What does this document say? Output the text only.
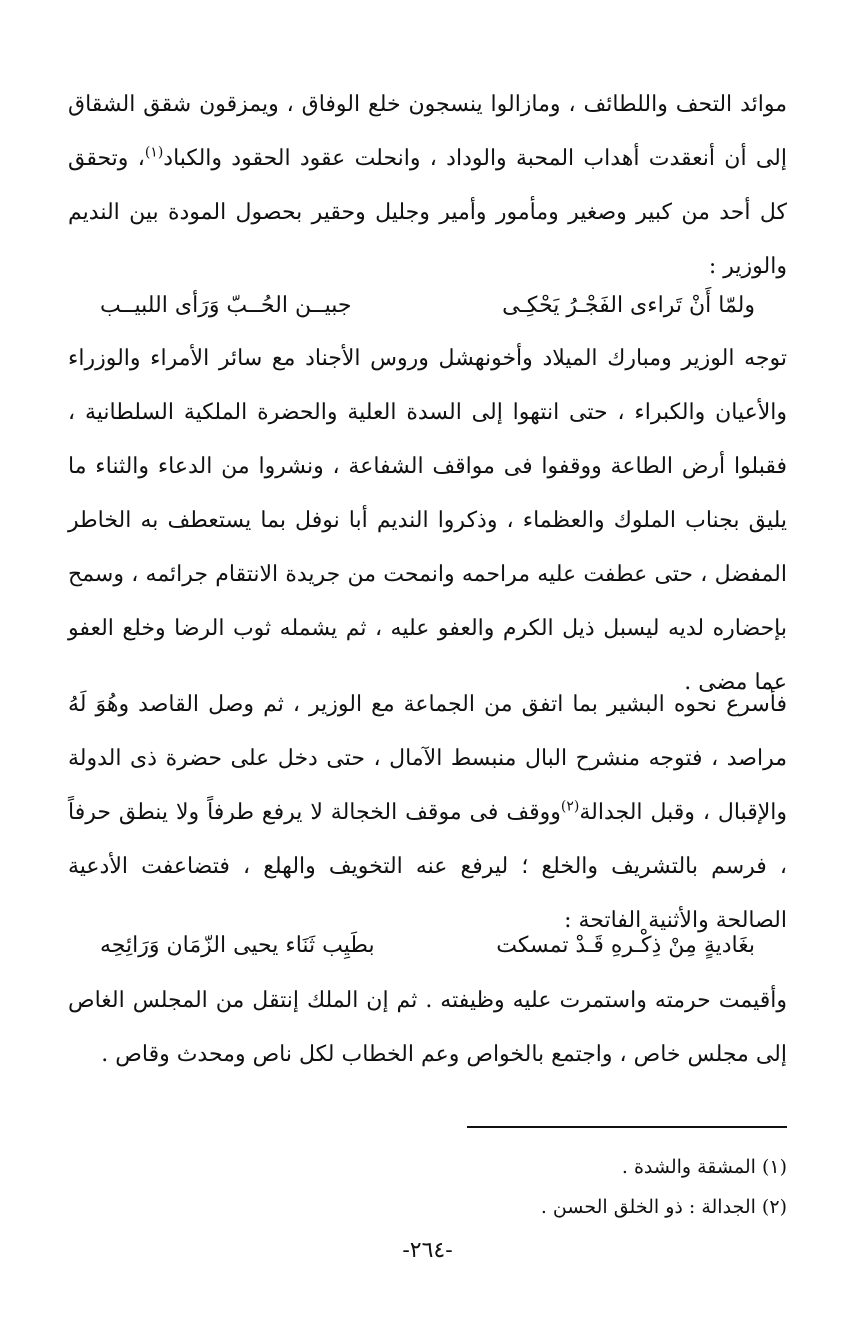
موائد التحف واللطائف ، ومازالوا ينسجون خلع الوفاق ، ويمزقون شقق الشقاق إلى أن أنعقدت أهداب المحبة والوداد ، وانحلت عقود الحقود والكباد$^{(١)}$، وتحقق كل أحد من كبير وصغير ومأمور وأمير وجليل وحقير بحصول المودة بين النديم والوزير :

ولمّا أَنْ تَراءى الفَجْـرُ يَحْكِـى
جبيــن الحُــبّ وَرَأى اللبيــب

توجه الوزير ومبارك الميلاد وأخونهشل وروس الأجناد مع سائر الأمراء والوزراء والأعيان والكبراء ، حتى انتهوا إلى السدة العلية والحضرة الملكية السلطانية ، فقبلوا أرض الطاعة ووقفوا فى مواقف الشفاعة ، ونشروا من الدعاء والثناء ما يليق بجناب الملوك والعظماء ، وذكروا النديم أبا نوفل بما يستعطف به الخاطر المفضل ، حتى عطفت عليه مراحمه وانمحت من جريدة الانتقام جرائمه ، وسمح بإحضاره لديه ليسبل ذيل الكرم والعفو عليه ، ثم يشمله ثوب الرضا وخلع العفو عما مضى .

فأسرع نحوه البشير بما اتفق من الجماعة مع الوزير ، ثم وصل القاصد وهُوَ لَهُ مراصد ، فتوجه منشرح البال منبسط الآمال ، حتى دخل على حضرة ذى الدولة والإقبال ، وقبل الجدالة$^{(٢)}$ووقف فى موقف الخجالة لا يرفع طرفاً ولا ينطق حرفاً ، فرسم بالتشريف والخلع ؛ ليرفع عنه التخويف والهلع ، فتضاعفت الأدعية الصالحة والأثنية الفاتحة :

بغَاديةٍ مِنْ ذِكْـرهِ قَـدْ تمسكت
بطَيِب ثَنَاء يحيى الزّمَان وَرَائِحِه

وأقيمت حرمته واستمرت عليه وظيفته . ثم إن الملك إنتقل من المجلس الغاص إلى مجلس خاص ، واجتمع بالخواص وعم الخطاب لكل ناص ومحدث وقاص .

(١) المشقة والشدة .

(٢) الجدالة : ذو الخلق الحسن .

-٢٦٤-
